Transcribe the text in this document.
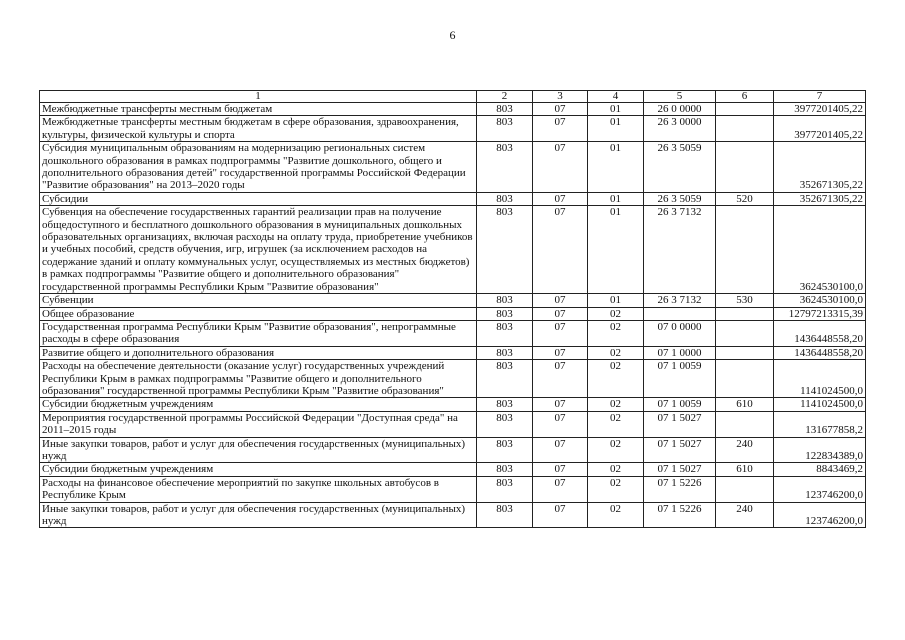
6
1	2	3	4	5	6	7
Межбюджетные трансферты местным бюджетам	803	07	01	26 0 0000		3977201405,22
Межбюджетные трансферты местным бюджетам в сфере образования, здравоохранения, культуры, физической культуры и спорта	803	07	01	26 3 0000		3977201405,22
Субсидия муниципальным образованиям на модернизацию региональных систем дошкольного образования в рамках подпрограммы "Развитие дошкольного, общего и дополнительного образования детей" государственной программы Российской Федерации "Развитие образования" на 2013–2020 годы	803	07	01	26 3 5059		352671305,22
Субсидии	803	07	01	26 3 5059	520	352671305,22
Субвенция на обеспечение государственных гарантий реализации прав на получение общедоступного и бесплатного дошкольного образования в муниципальных дошкольных образовательных организациях, включая расходы на оплату труда, приобретение учебников и учебных пособий, средств обучения, игр, игрушек (за исключением расходов на содержание зданий и оплату коммунальных услуг, осуществляемых из местных бюджетов) в рамках подпрограммы "Развитие общего и дополнительного образования" государственной программы Республики Крым "Развитие образования"	803	07	01	26 3 7132		3624530100,0
Субвенции	803	07	01	26 3 7132	530	3624530100,0
Общее образование	803	07	02			12797213315,39
Государственная программа Республики Крым "Развитие образования", непрограммные расходы в сфере образования	803	07	02	07 0 0000		1436448558,20
Развитие общего и дополнительного образования	803	07	02	07 1 0000		1436448558,20
Расходы на обеспечение деятельности (оказание услуг) государственных учреждений Республики Крым в рамках подпрограммы "Развитие общего и дополнительного образования" государственной программы Республики Крым "Развитие образования"	803	07	02	07 1 0059		1141024500,0
Субсидии бюджетным учреждениям	803	07	02	07 1 0059	610	1141024500,0
Мероприятия государственной программы Российской Федерации "Доступная среда" на 2011–2015 годы	803	07	02	07 1 5027		131677858,2
Иные закупки товаров, работ и услуг для обеспечения государственных (муниципальных) нужд	803	07	02	07 1 5027	240	122834389,0
Субсидии бюджетным учреждениям	803	07	02	07 1 5027	610	8843469,2
Расходы на финансовое обеспечение мероприятий по закупке школьных автобусов в Республике Крым	803	07	02	07 1 5226		123746200,0
Иные закупки товаров, работ и услуг для обеспечения государственных (муниципальных) нужд	803	07	02	07 1 5226	240	123746200,0
